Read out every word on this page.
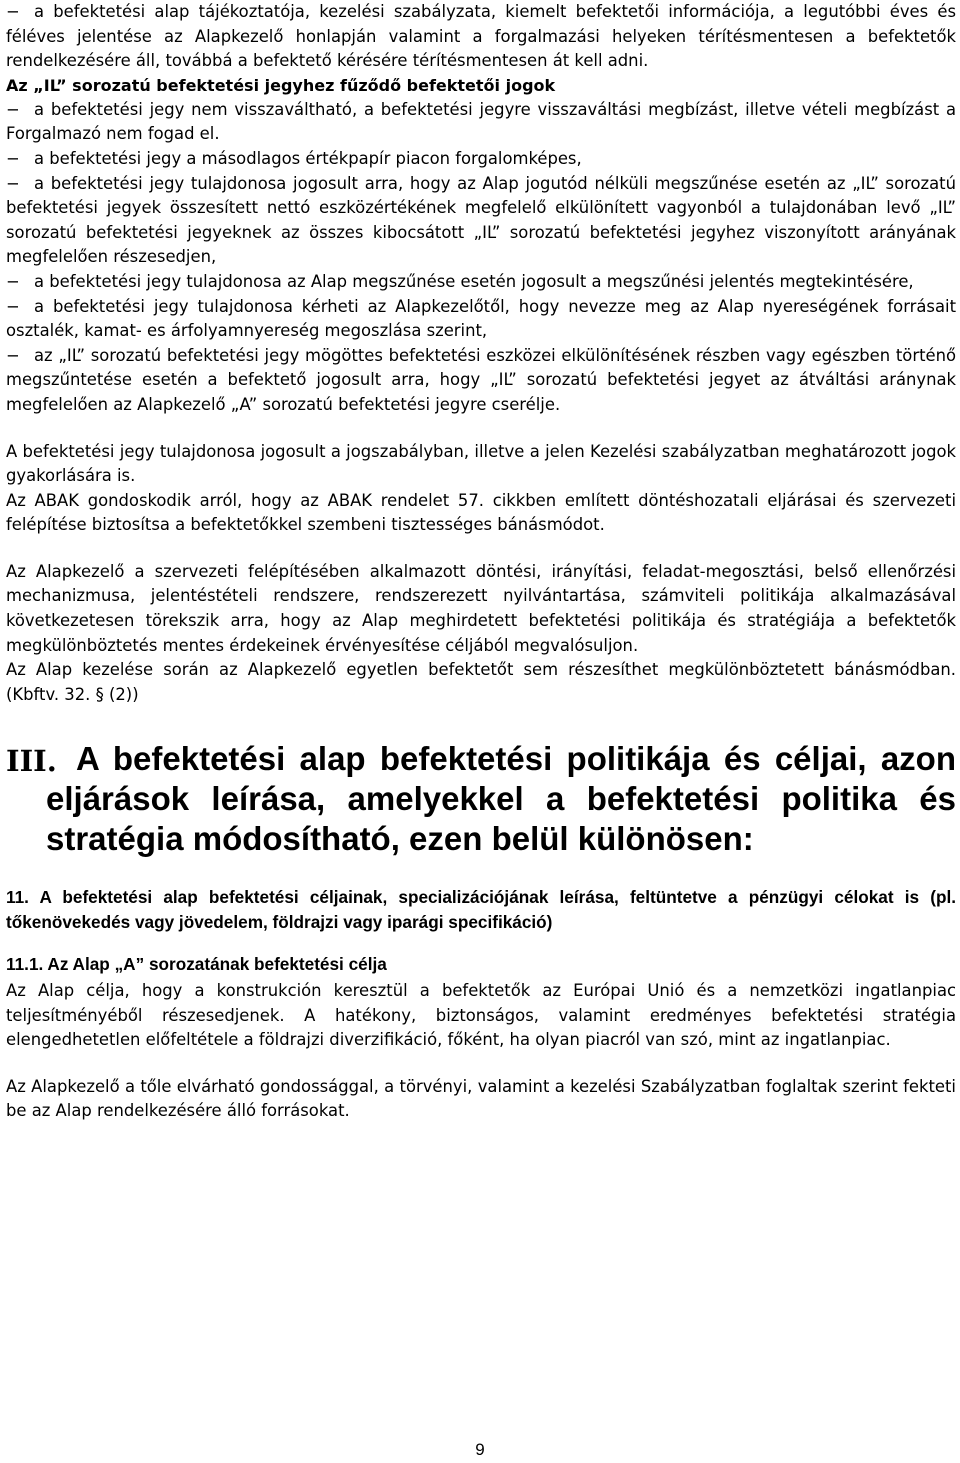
− a befektetési alap tájékoztatója, kezelési szabályzata, kiemelt befektetői információja, a legutóbbi éves és féléves jelentése az Alapkezelő honlapján valamint a forgalmazási helyeken térítésmentesen a befektetők rendelkezésére áll, továbbá a befektető kérésére térítésmentesen át kell adni.

Az „IL” sorozatú befektetési jegyhez fűződő befektetői jogok

− a befektetési jegy nem visszaváltható, a befektetési jegyre visszaváltási megbízást, illetve vételi megbízást a Forgalmazó nem fogad el.

− a befektetési jegy a másodlagos értékpapír piacon forgalomképes,

− a befektetési jegy tulajdonosa jogosult arra, hogy az Alap jogutód nélküli megszűnése esetén az „IL” sorozatú befektetési jegyek összesített nettó eszközértékének megfelelő elkülönített vagyonból a tulajdonában levő „IL” sorozatú befektetési jegyeknek az összes kibocsátott „IL” sorozatú befektetési jegyhez viszonyított arányának megfelelően részesedjen,

− a befektetési jegy tulajdonosa az Alap megszűnése esetén jogosult a megszűnési jelentés megtekintésére,

− a befektetési jegy tulajdonosa kérheti az Alapkezelőtől, hogy nevezze meg az Alap nyereségének forrásait osztalék, kamat- es árfolyamnyereség megoszlása szerint,

− az „IL” sorozatú befektetési jegy mögöttes befektetési eszközei elkülönítésének részben vagy egészben történő megszűntetése esetén a befektető jogosult arra, hogy „IL” sorozatú befektetési jegyet az átváltási aránynak megfelelően az Alapkezelő „A” sorozatú befektetési jegyre cserélje.

A befektetési jegy tulajdonosa jogosult a jogszabályban, illetve a jelen Kezelési szabályzatban meghatározott jogok gyakorlására is.

Az ABAK gondoskodik arról, hogy az ABAK rendelet 57. cikkben említett döntéshozatali eljárásai és szervezeti felépítése biztosítsa a befektetőkkel szembeni tisztességes bánásmódot.

Az Alapkezelő a szervezeti felépítésében alkalmazott döntési, irányítási, feladat-megosztási, belső ellenőrzési mechanizmusa, jelentéstételi rendszere, rendszerezett nyilvántartása, számviteli politikája alkalmazásával következetesen törekszik arra, hogy az Alap meghirdetett befektetési politikája és stratégiája a befektetők megkülönböztetés mentes érdekeinek érvényesítése céljából megvalósuljon.

Az Alap kezelése során az Alapkezelő egyetlen befektetőt sem részesíthet megkülönböztetett bánásmódban. (Kbftv. 32. § (2))

III. A befektetési alap befektetési politikája és céljai, azon eljárások leírása, amelyekkel a befektetési politika és stratégia módosítható, ezen belül különösen:

11. A befektetési alap befektetési céljainak, specializációjának leírása, feltüntetve a pénzügyi célokat is (pl. tőkenövekedés vagy jövedelem, földrajzi vagy iparági specifikáció)

11.1. Az Alap „A” sorozatának befektetési célja

Az Alap célja, hogy a konstrukción keresztül a befektetők az Európai Unió és a nemzetközi ingatlanpiac teljesítményéből részesedjenek. A hatékony, biztonságos, valamint eredményes befektetési stratégia elengedhetetlen előfeltétele a földrajzi diverzifikáció, főként, ha olyan piacról van szó, mint az ingatlanpiac.

Az Alapkezelő a tőle elvárható gondossággal, a törvényi, valamint a kezelési Szabályzatban foglaltak szerint fekteti be az Alap rendelkezésére álló forrásokat.

9
